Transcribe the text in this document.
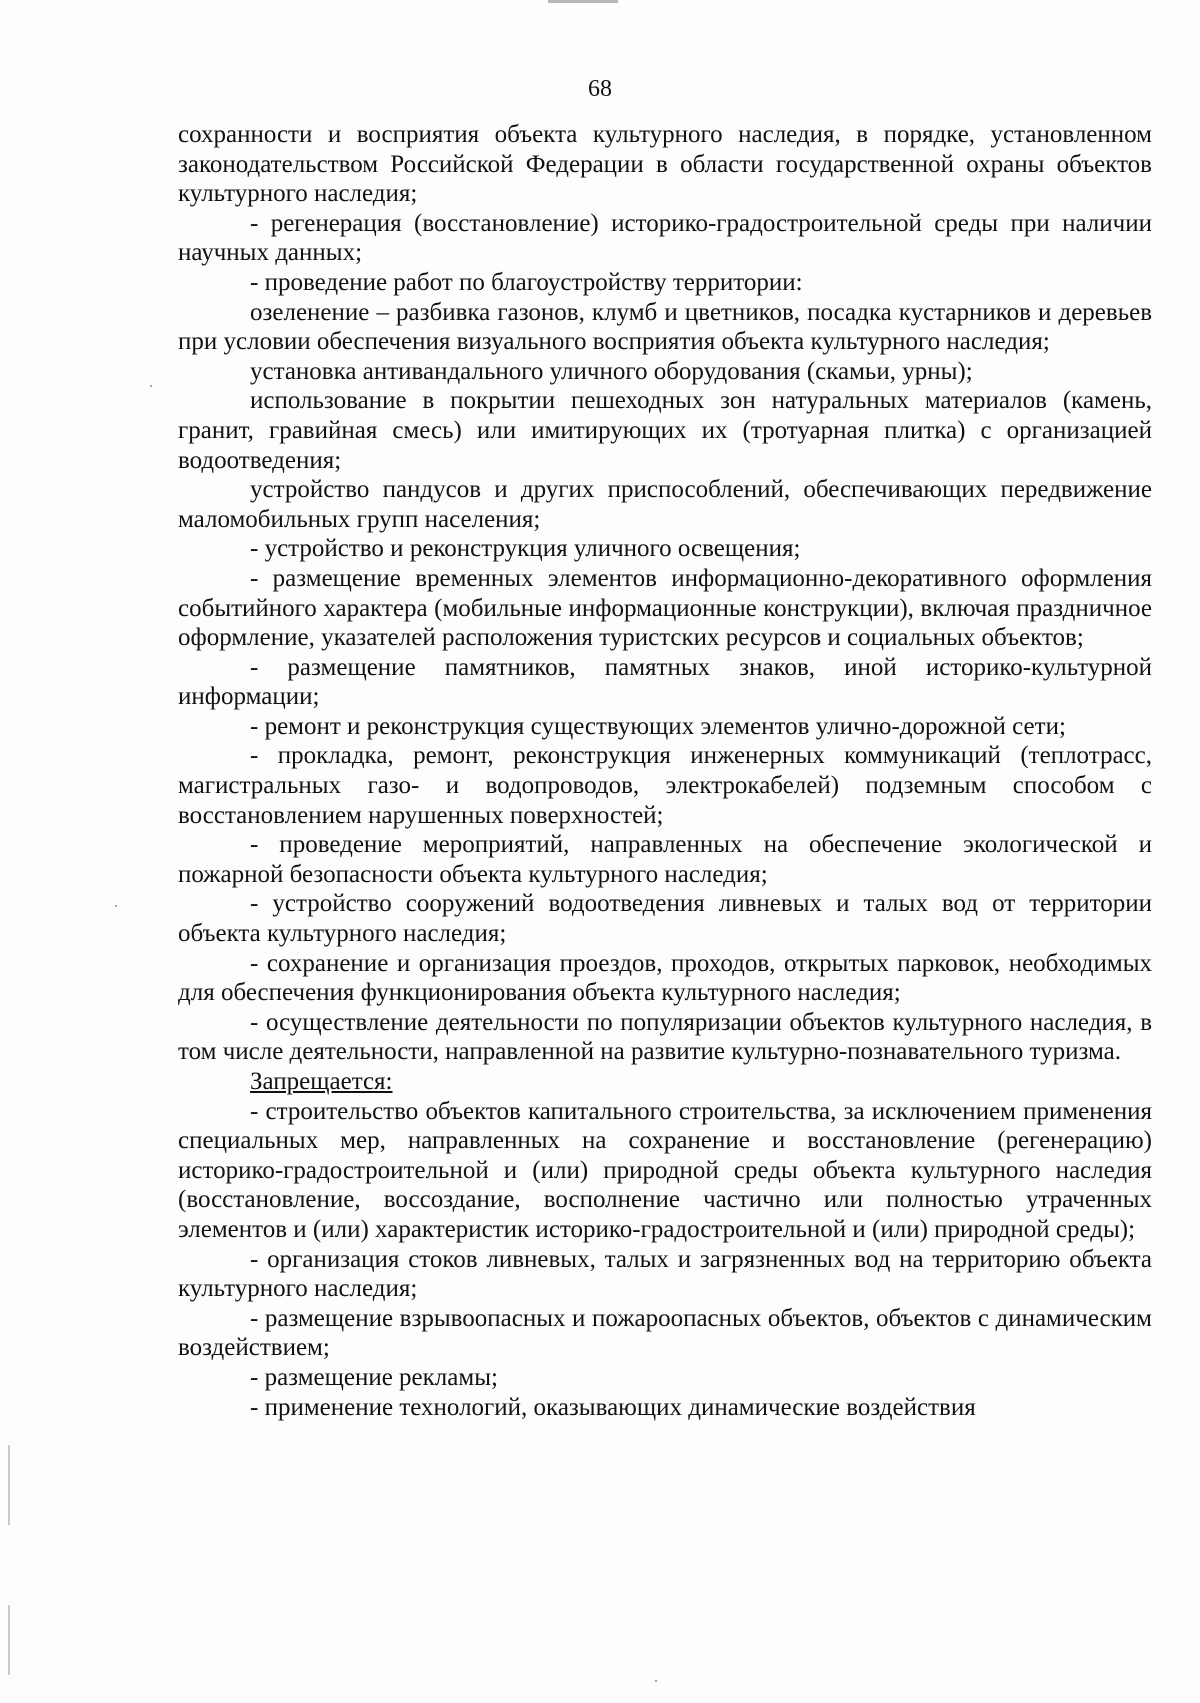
68

сохранности и восприятия объекта культурного наследия, в порядке, установленном законодательством Российской Федерации в области государственной охраны объектов культурного наследия;

- регенерация (восстановление) историко-градостроительной среды при наличии научных данных;

- проведение работ по благоустройству территории:

озеленение – разбивка газонов, клумб и цветников, посадка кустарников и деревьев при условии обеспечения визуального восприятия объекта культурного наследия;

установка антивандального уличного оборудования (скамьи, урны);

использование в покрытии пешеходных зон натуральных материалов (камень, гранит, гравийная смесь) или имитирующих их (тротуарная плитка) с организацией водоотведения;

устройство пандусов и других приспособлений, обеспечивающих передвижение маломобильных групп населения;

- устройство и реконструкция уличного освещения;

- размещение временных элементов информационно-декоративного оформления событийного характера (мобильные информационные конструкции), включая праздничное оформление, указателей расположения туристских ресурсов и социальных объектов;

- размещение памятников, памятных знаков, иной историко-культурной информации;

- ремонт и реконструкция существующих элементов улично-дорожной сети;

- прокладка, ремонт, реконструкция инженерных коммуникаций (теплотрасс, магистральных газо- и водопроводов, электрокабелей) подземным способом с восстановлением нарушенных поверхностей;

- проведение мероприятий, направленных на обеспечение экологической и пожарной безопасности объекта культурного наследия;

- устройство сооружений водоотведения ливневых и талых вод от территории объекта культурного наследия;

- сохранение и организация проездов, проходов, открытых парковок, необходимых для обеспечения функционирования объекта культурного наследия;

- осуществление деятельности по популяризации объектов культурного наследия, в том числе деятельности, направленной на развитие культурно-познавательного туризма.

Запрещается:

- строительство объектов капитального строительства, за исключением применения специальных мер, направленных на сохранение и восстановление (регенерацию) историко-градостроительной и (или) природной среды объекта культурного наследия (восстановление, воссоздание, восполнение частично или полностью утраченных элементов и (или) характеристик историко-градостроительной и (или) природной среды);

- организация стоков ливневых, талых и загрязненных вод на территорию объекта культурного наследия;

- размещение взрывоопасных и пожароопасных объектов, объектов с динамическим воздействием;

- размещение рекламы;

- применение технологий, оказывающих динамические воздействия
